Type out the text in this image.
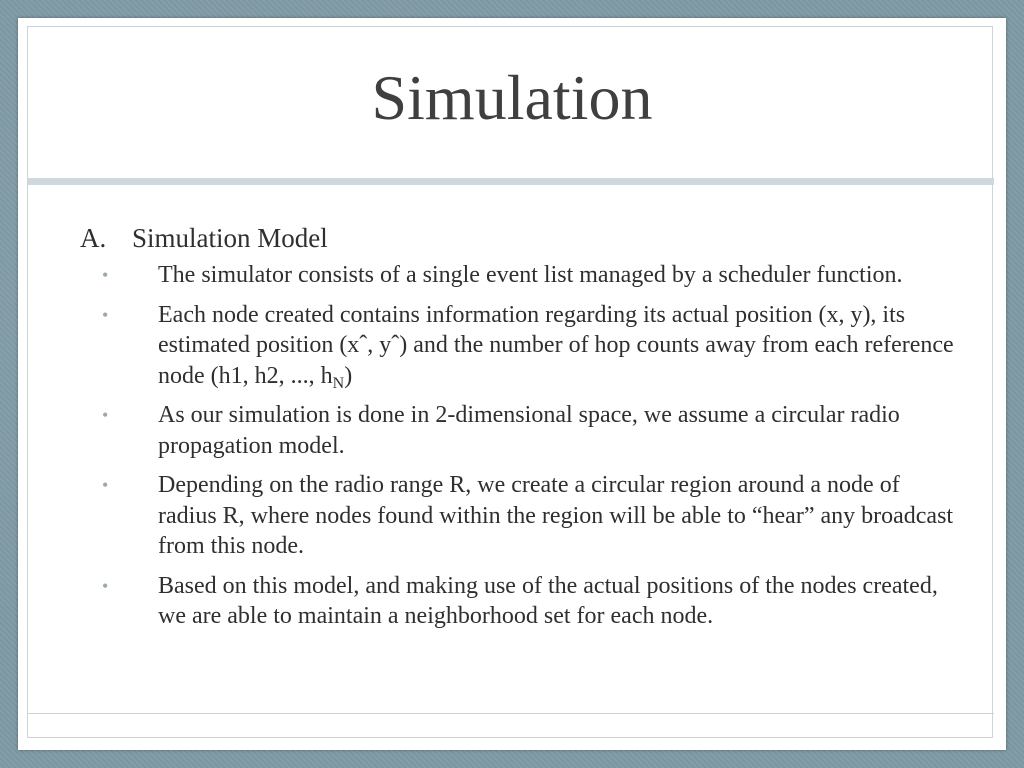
Simulation
A. Simulation Model
•	The simulator consists of a single event list managed by a scheduler function.
•	Each node created contains information regarding its actual position (x, y), its estimated position (xˆ, yˆ) and the number of hop counts away from each reference node (h1, h2, ..., $h_N$)
•	As our simulation is done in 2-dimensional space, we assume a circular radio propagation model.
•	Depending on the radio range R, we create a circular region around a node of radius R, where nodes found within the region will be able to “hear” any broadcast from this node.
•	Based on this model, and making use of the actual positions of the nodes created, we are able to maintain a neighborhood set for each node.
